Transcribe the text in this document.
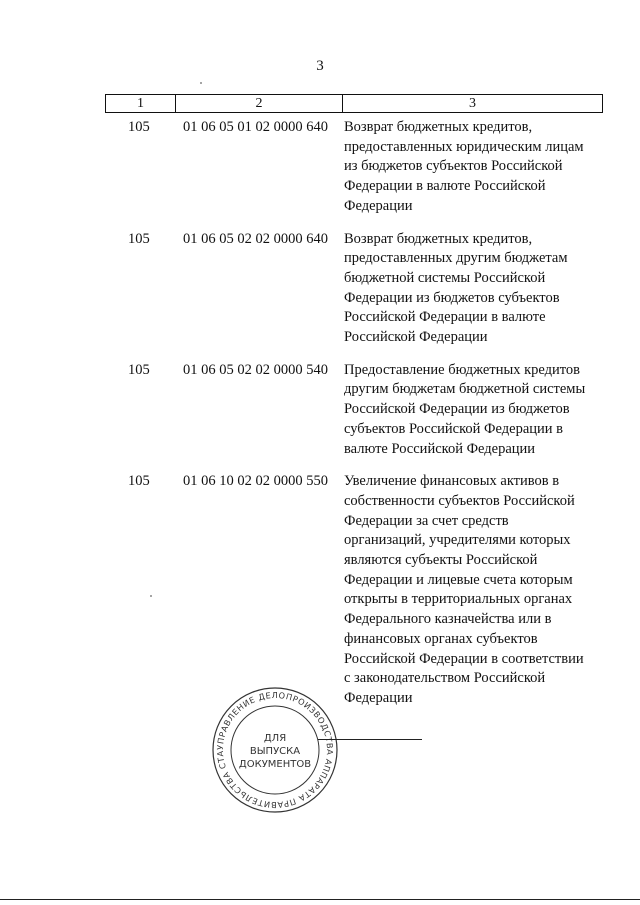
3
1	2	3
105	01 06 05 01 02 0000 640	Возврат бюджетных кредитов,
предоставленных юридическим лицам
из бюджетов субъектов Российской
Федерации в валюте Российской
Федерации
105	01 06 05 02 02 0000 640	Возврат бюджетных кредитов,
предоставленных другим бюджетам
бюджетной системы Российской
Федерации из бюджетов субъектов
Российской Федерации в валюте
Российской Федерации
105	01 06 05 02 02 0000 540	Предоставление бюджетных кредитов
другим бюджетам бюджетной системы
Российской Федерации из бюджетов
субъектов Российской Федерации в
валюте Российской Федерации
105	01 06 10 02 02 0000 550	Увеличение финансовых активов в
собственности субъектов Российской
Федерации за счет средств
организаций, учредителями которых
являются субъекты Российской
Федерации и лицевые счета которым
открыты в территориальных органах
Федерального казначейства или в
финансовых органах субъектов
Российской Федерации в соответствии
с законодательством Российской
Федерации
УПРАВЛЕНИЕ ДЕЛОПРОИЗВОДС ВА АППАРАТА ПРАВИТЕЛЬСТВА СТА
ДЛЯ
ВЫПУСКА
ДОКУМЕНТОВ
